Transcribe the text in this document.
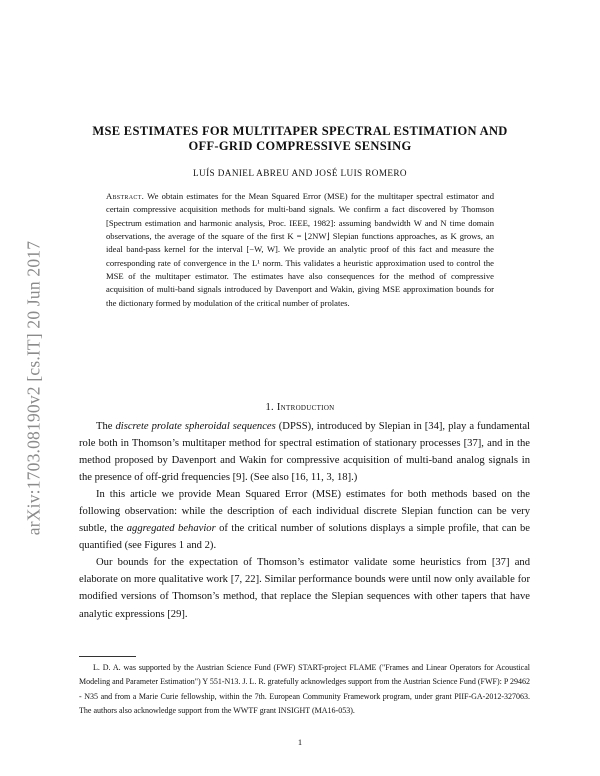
arXiv:1703.08190v2 [cs.IT] 20 Jun 2017
MSE ESTIMATES FOR MULTITAPER SPECTRAL ESTIMATION AND
OFF-GRID COMPRESSIVE SENSING
LUÍS DANIEL ABREU AND JOSÉ LUIS ROMERO
Abstract. We obtain estimates for the Mean Squared Error (MSE) for the multitaper spectral estimator and certain compressive acquisition methods for multi-band signals. We confirm a fact discovered by Thomson [Spectrum estimation and harmonic analysis, Proc. IEEE, 1982]: assuming bandwidth W and N time domain observations, the average of the square of the first K = ⌊2NW⌋ Slepian functions approaches, as K grows, an ideal band-pass kernel for the interval [−W, W]. We provide an analytic proof of this fact and measure the corresponding rate of convergence in the L¹ norm. This validates a heuristic approximation used to control the MSE of the multitaper estimator. The estimates have also consequences for the method of compressive acquisition of multi-band signals introduced by Davenport and Wakin, giving MSE approximation bounds for the dictionary formed by modulation of the critical number of prolates.
1. Introduction

The discrete prolate spheroidal sequences (DPSS), introduced by Slepian in [34], play a fundamental role both in Thomson’s multitaper method for spectral estimation of stationary processes [37], and in the method proposed by Davenport and Wakin for compressive acquisition of multi-band analog signals in the presence of off-grid frequencies [9]. (See also [16, 11, 3, 18].)

In this article we provide Mean Squared Error (MSE) estimates for both methods based on the following observation: while the description of each individual discrete Slepian function can be very subtle, the aggregated behavior of the critical number of solutions displays a simple profile, that can be quantified (see Figures 1 and 2).

Our bounds for the expectation of Thomson’s estimator validate some heuristics from [37] and elaborate on more qualitative work [7, 22]. Similar performance bounds were until now only available for modified versions of Thomson’s method, that replace the Slepian sequences with other tapers that have analytic expressions [29].

L. D. A. was supported by the Austrian Science Fund (FWF) START-project FLAME ("Frames and Linear Operators for Acoustical Modeling and Parameter Estimation") Y 551-N13. J. L. R. gratefully acknowledges support from the Austrian Science Fund (FWF): P 29462 - N35 and from a Marie Curie fellowship, within the 7th. European Community Framework program, under grant PIIF-GA-2012-327063. The authors also acknowledge support from the WWTF grant INSIGHT (MA16-053).
1
